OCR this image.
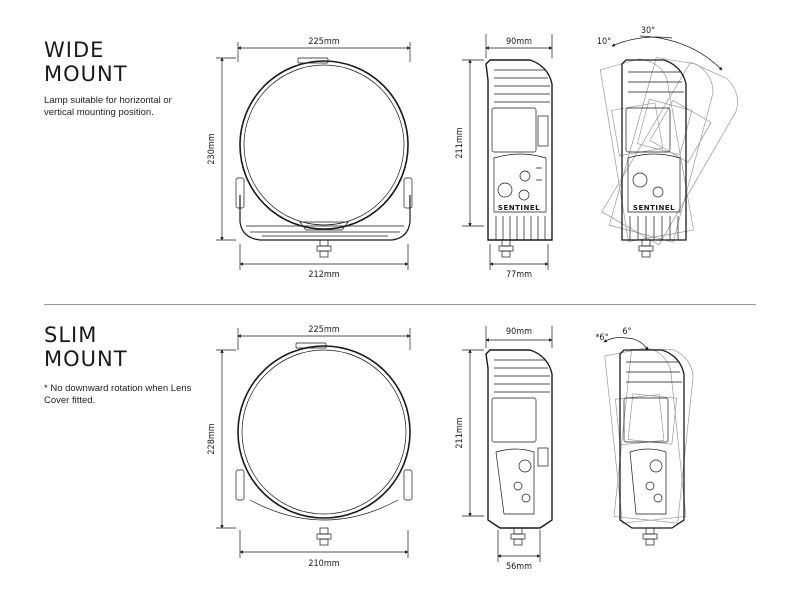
WIDE
MOUNT
Lamp suitable for horizontal or vertical mounting position.
SLIM
MOUNT
* No downward rotation when Lens Cover fitted.
225mm
230mm
212mm
SENTINEL
90mm
211mm
77mm
SENTINEL
10°
30°
225mm
228mm
210mm
90mm
211mm
56mm
*6°
6°
